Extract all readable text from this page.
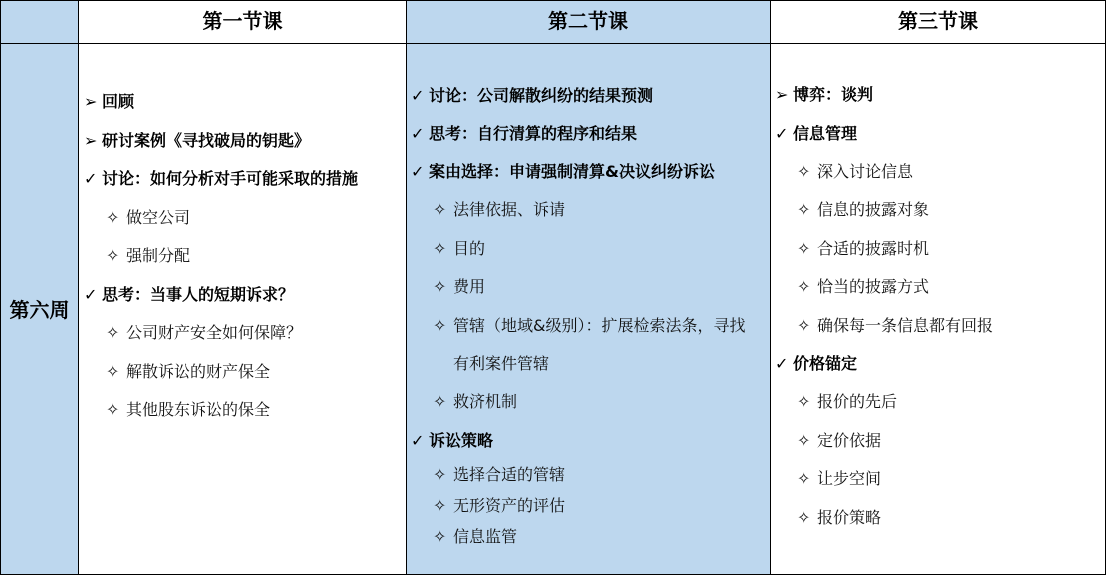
第一节课	第二节课	第三节课
第六周
➢ 回顾
➢ 研讨案例《寻找破局的钥匙》
✓ 讨论：如何分析对手可能采取的措施
✧ 做空公司
✧ 强制分配
✓ 思考：当事人的短期诉求？
✧ 公司财产安全如何保障？
✧ 解散诉讼的财产保全
✧ 其他股东诉讼的保全
✓ 讨论：公司解散纠纷的结果预测
✓ 思考：自行清算的程序和结果
✓ 案由选择：申请强制清算&决议纠纷诉讼
✧ 法律依据、诉请
✧ 目的
✧ 费用
✧ 管辖（地域&级别）：扩展检索法条，寻找
有利案件管辖
✧ 救济机制
✓ 诉讼策略
✧ 选择合适的管辖
✧ 无形资产的评估
✧ 信息监管
➢ 博弈：谈判
✓ 信息管理
✧ 深入讨论信息
✧ 信息的披露对象
✧ 合适的披露时机
✧ 恰当的披露方式
✧ 确保每一条信息都有回报
✓ 价格锚定
✧ 报价的先后
✧ 定价依据
✧ 让步空间
✧ 报价策略
